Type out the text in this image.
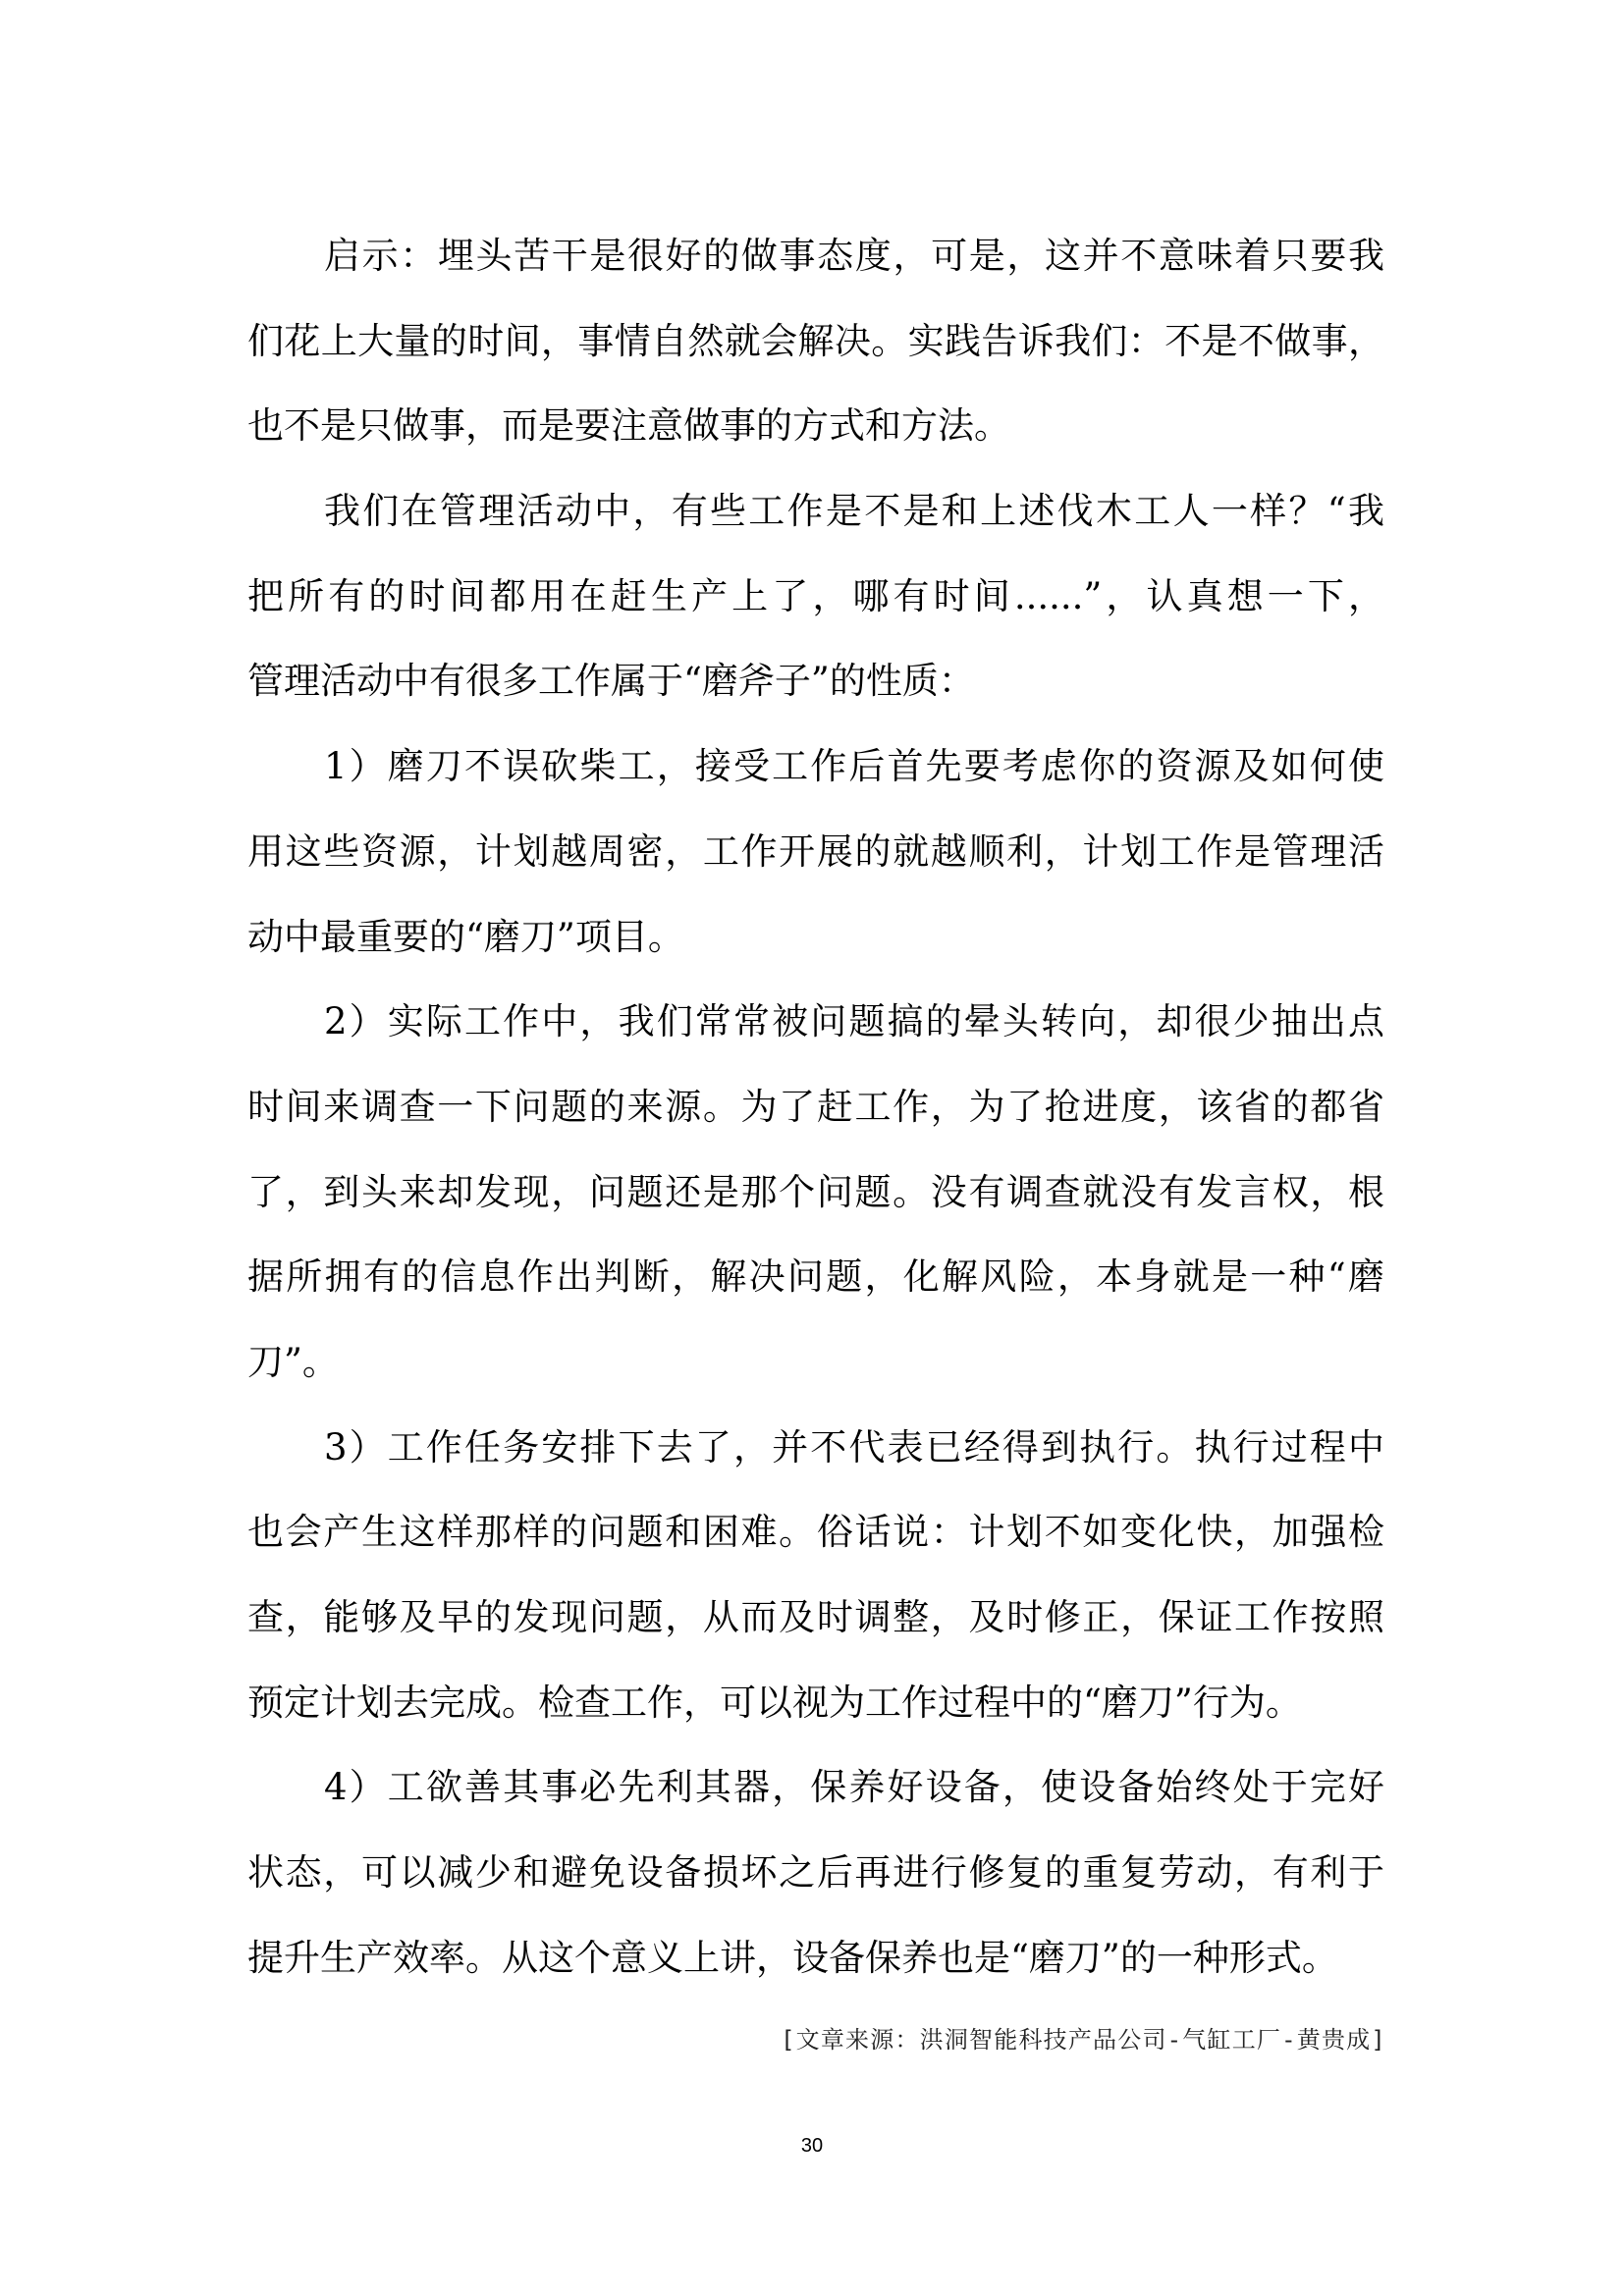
启示：埋头苦干是很好的做事态度，可是，这并不意味着只要我
们花上大量的时间，事情自然就会解决。实践告诉我们：不是不做事，
也不是只做事，而是要注意做事的方式和方法。
我们在管理活动中，有些工作是不是和上述伐木工人一样？“我
把所有的时间都用在赶生产上了，哪有时间......”，认真想一下，
管理活动中有很多工作属于“磨斧子”的性质：
1）磨刀不误砍柴工，接受工作后首先要考虑你的资源及如何使
用这些资源，计划越周密，工作开展的就越顺利，计划工作是管理活
动中最重要的“磨刀”项目。
2）实际工作中，我们常常被问题搞的晕头转向，却很少抽出点
时间来调查一下问题的来源。为了赶工作，为了抢进度，该省的都省
了，到头来却发现，问题还是那个问题。没有调查就没有发言权，根
据所拥有的信息作出判断，解决问题，化解风险，本身就是一种“磨
刀”。
3）工作任务安排下去了，并不代表已经得到执行。执行过程中
也会产生这样那样的问题和困难。俗话说：计划不如变化快，加强检
查，能够及早的发现问题，从而及时调整，及时修正，保证工作按照
预定计划去完成。检查工作，可以视为工作过程中的“磨刀”行为。
4）工欲善其事必先利其器，保养好设备，使设备始终处于完好
状态，可以减少和避免设备损坏之后再进行修复的重复劳动，有利于
提升生产效率。从这个意义上讲，设备保养也是“磨刀”的一种形式。
[文章来源：洪洞智能科技产品公司-气缸工厂-黄贵成]
30
